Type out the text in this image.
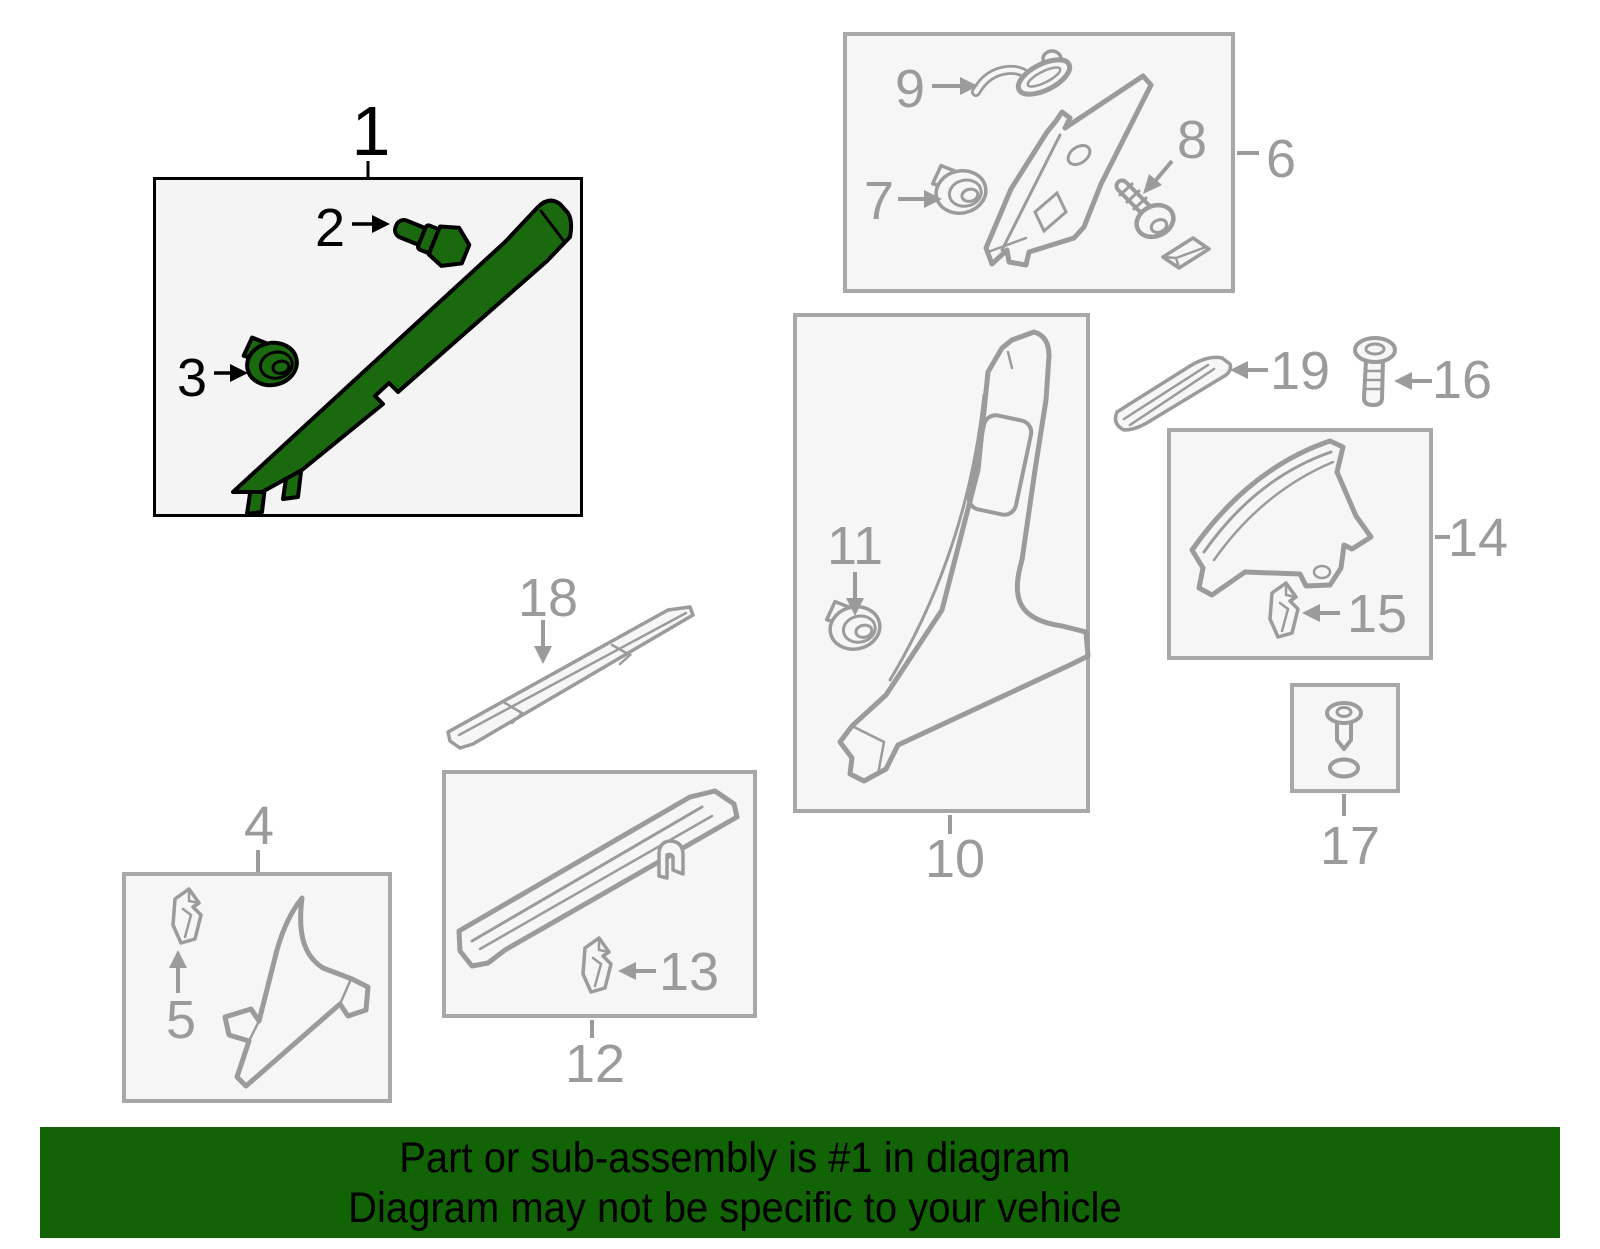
1
2
3
4
5
6
7
8
9
10
11
12
13
14
15
16
17
18
19
Part or sub-assembly is #1 in diagram
Diagram may not be specific to your vehicle
